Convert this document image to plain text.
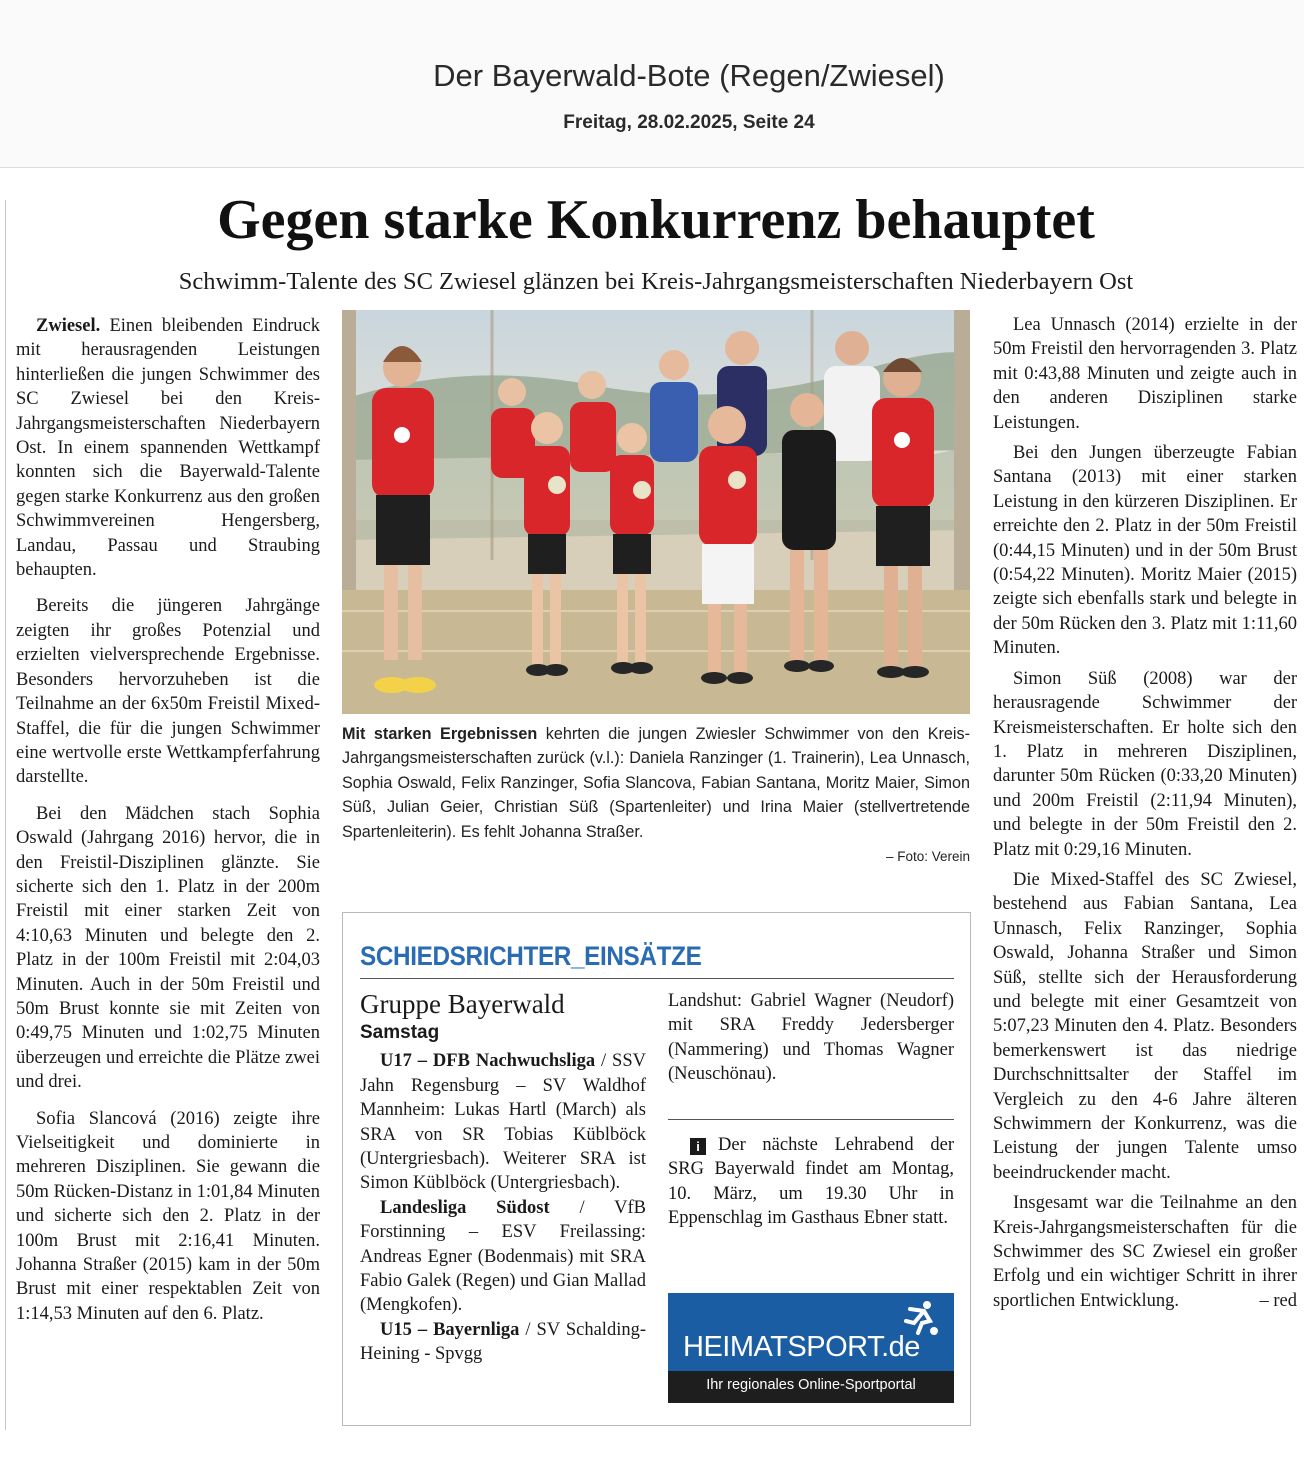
Der Bayerwald-Bote (Regen/Zwiesel)
Freitag, 28.02.2025, Seite 24
Gegen starke Konkurrenz behauptet
Schwimm-Talente des SC Zwiesel glänzen bei Kreis-Jahrgangsmeisterschaften Niederbayern Ost

Zwiesel. Einen bleibenden Eindruck mit herausragenden Leistungen hinterließen die jungen Schwimmer des SC Zwiesel bei den Kreis-Jahrgangsmeisterschaften Niederbayern Ost. In einem spannenden Wettkampf konnten sich die Bayerwald-Talente gegen starke Konkurrenz aus den großen Schwimmvereinen Hengersberg, Landau, Passau und Straubing behaupten.

Bereits die jüngeren Jahrgänge zeigten ihr großes Potenzial und erzielten vielversprechende Ergebnisse. Besonders hervorzuheben ist die Teilnahme an der 6x50m Freistil Mixed-Staffel, die für die jungen Schwimmer eine wertvolle erste Wettkampferfahrung darstellte.

Bei den Mädchen stach Sophia Oswald (Jahrgang 2016) hervor, die in den Freistil-Disziplinen glänzte. Sie sicherte sich den 1. Platz in der 200m Freistil mit einer starken Zeit von 4:10,63 Minuten und belegte den 2. Platz in der 100m Freistil mit 2:04,03 Minuten. Auch in der 50m Freistil und 50m Brust konnte sie mit Zeiten von 0:49,75 Minuten und 1:02,75 Minuten überzeugen und erreichte die Plätze zwei und drei.

Sofia Slancová (2016) zeigte ihre Vielseitigkeit und dominierte in mehreren Disziplinen. Sie gewann die 50m Rücken-Distanz in 1:01,84 Minuten und sicherte sich den 2. Platz in der 100m Brust mit 2:16,41 Minuten. Johanna Straßer (2015) kam in der 50m Brust mit einer respektablen Zeit von 1:14,53 Minuten auf den 6. Platz.

Mit starken Ergebnissen kehrten die jungen Zwiesler Schwimmer von den Kreis-Jahrgangsmeisterschaften zurück (v.l.): Daniela Ranzinger (1. Trainerin), Lea Unnasch, Sophia Oswald, Felix Ranzinger, Sofia Slancova, Fabian Santana, Moritz Maier, Simon Süß, Julian Geier, Christian Süß (Spartenleiter) und Irina Maier (stellvertretende Spartenleiterin). Es fehlt Johanna Straßer.
– Foto: Verein
SCHIEDSRICHTER_EINSÄTZE
Gruppe Bayerwald
Samstag

U17 – DFB Nachwuchsliga / SSV Jahn Regensburg – SV Waldhof Mannheim: Lukas Hartl (March) als SRA von SR Tobias Küblböck (Untergriesbach). Weiterer SRA ist Simon Küblböck (Untergriesbach).

Landesliga Südost / VfB Forstinning – ESV Freilassing: Andreas Egner (Bodenmais) mit SRA Fabio Galek (Regen) und Gian Mallad (Mengkofen).

U15 – Bayernliga / SV Schalding-Heining - Spvgg

Landshut: Gabriel Wagner (Neudorf) mit SRA Freddy Jedersberger (Nammering) und Thomas Wagner (Neuschönau).

i Der nächste Lehrabend der SRG Bayerwald findet am Montag, 10. März, um 19.30 Uhr in Eppenschlag im Gasthaus Ebner statt.
HEIMATSPORT.de
Ihr regionales Online-Sportportal

Lea Unnasch (2014) erzielte in der 50m Freistil den hervorragenden 3. Platz mit 0:43,88 Minuten und zeigte auch in den anderen Disziplinen starke Leistungen.

Bei den Jungen überzeugte Fabian Santana (2013) mit einer starken Leistung in den kürzeren Disziplinen. Er erreichte den 2. Platz in der 50m Freistil (0:44,15 Minuten) und in der 50m Brust (0:54,22 Minuten). Moritz Maier (2015) zeigte sich ebenfalls stark und belegte in der 50m Rücken den 3. Platz mit 1:11,60 Minuten.

Simon Süß (2008) war der herausragende Schwimmer der Kreismeisterschaften. Er holte sich den 1. Platz in mehreren Disziplinen, darunter 50m Rücken (0:33,20 Minuten) und 200m Freistil (2:11,94 Minuten), und belegte in der 50m Freistil den 2. Platz mit 0:29,16 Minuten.

Die Mixed-Staffel des SC Zwiesel, bestehend aus Fabian Santana, Lea Unnasch, Felix Ranzinger, Sophia Oswald, Johanna Straßer und Simon Süß, stellte sich der Herausforderung und belegte mit einer Gesamtzeit von 5:07,23 Minuten den 4. Platz. Besonders bemerkenswert ist das niedrige Durchschnittsalter der Staffel im Vergleich zu den 4-6 Jahre älteren Schwimmern der Konkurrenz, was die Leistung der jungen Talente umso beeindruckender macht.

Insgesamt war die Teilnahme an den Kreis-Jahrgangsmeisterschaften für die Schwimmer des SC Zwiesel ein großer Erfolg und ein wichtiger Schritt in ihrer sportlichen Entwicklung.	– red
